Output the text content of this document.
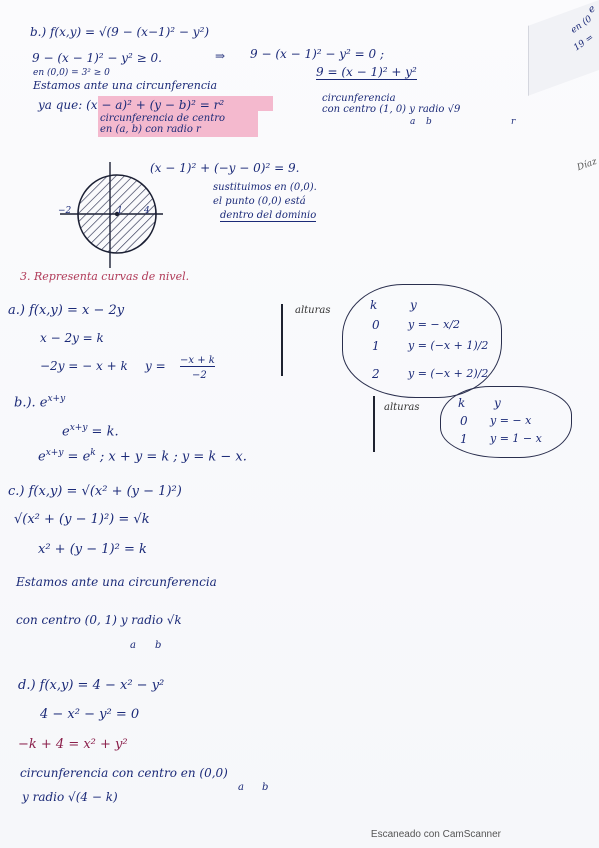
e
en (0
19 =
Díaz
b.) f(x,y) = √(9 − (x−1)² − y²)
9 − (x − 1)² − y² ≥ 0.	⇒ 9 − (x − 1)² − y² = 0 ;
en (0,0) = 3² ≥ 0	9 = (x − 1)² + y²
Estamos ante una circunferencia
ya que: (x − a)² + (y − b)² = r²
circunferencia de centro
en (a, b) con radio r
circunferencia
con centro (1, 0) y radio √9
a b	r
−2	4
1
(x − 1)² + (−y − 0)² = 9.
sustituimos en (0,0).
el punto (0,0) está
dentro del dominio
3. Representa curvas de nivel.
a.) f(x,y) = x − 2y
x − 2y = k
−2y = − x + k y = −x + k
−2
alturas	k	y
0	y = − x/2
1	y = (−x + 1)/2
2	y = (−x + 2)/2
b.). $e^{x+y}$
$e^{x+y} = k$.
$e^{x+y} = e^k$ ; x + y = k ; y = k − x.
alturas	k y
0 y = − x
1 y = 1 − x
c.) f(x,y) = √(x² + (y − 1)²)
√(x² + (y − 1)²) = √k
x² + (y − 1)² = k
Estamos ante una circunferencia
con centro (0, 1) y radio √k
a b
d.) f(x,y) = 4 − x² − y²
4 − x² − y² = 0
−k + 4 = x² + y²
circunferencia con centro en (0,0)
a b
y radio √(4 − k)
Escaneado con CamScanner
